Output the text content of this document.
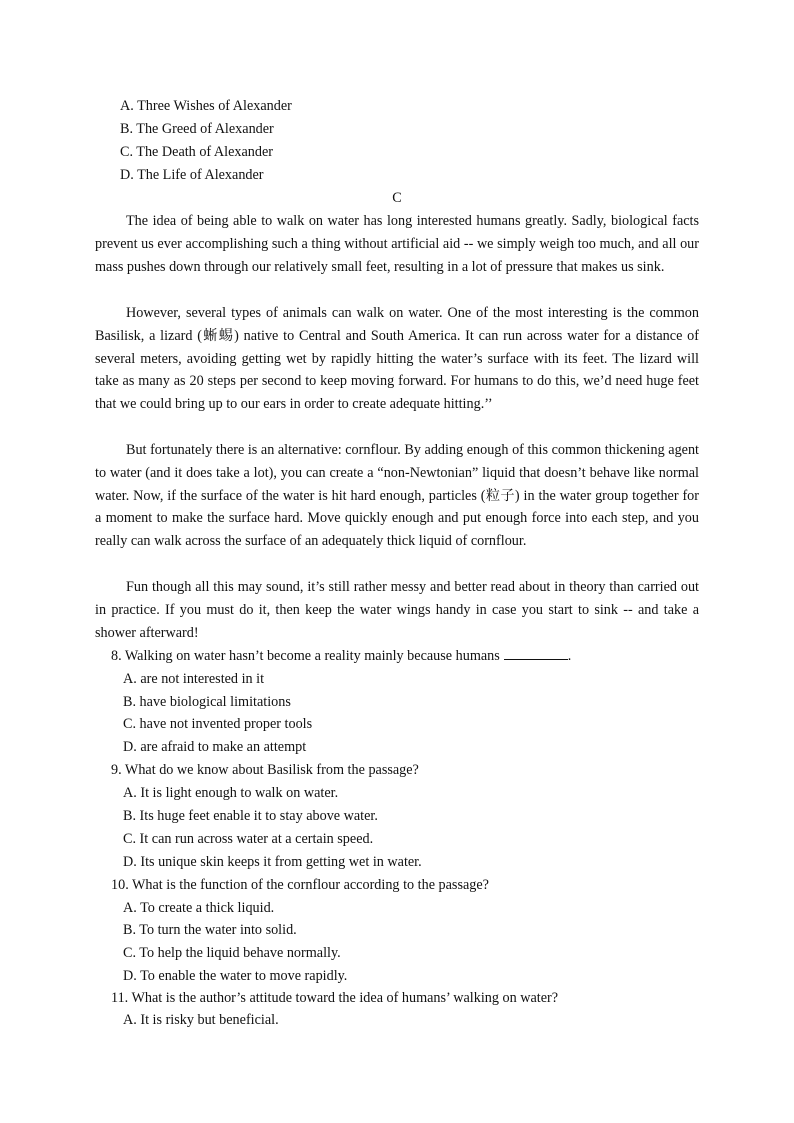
A. Three Wishes of Alexander
B. The Greed of Alexander
C. The Death of Alexander
D. The Life of Alexander
C

The idea of being able to walk on water has long interested humans greatly. Sadly, biological facts prevent us ever accomplishing such a thing without artificial aid -- we simply weigh too much, and all our mass pushes down through our relatively small feet, resulting in a lot of pressure that makes us sink.

However, several types of animals can walk on water. One of the most interesting is the common Basilisk, a lizard (蜥蜴) native to Central and South America. It can run across water for a distance of several meters, avoiding getting wet by rapidly hitting the water’s surface with its feet. The lizard will take as many as 20 steps per second to keep moving forward. For humans to do this, we’d need huge feet that we could bring up to our ears in order to create adequate hitting.’’

But fortunately there is an alternative: cornflour. By adding enough of this common thickening agent to water (and it does take a lot), you can create a “non-Newtonian” liquid that doesn’t behave like normal water. Now, if the surface of the water is hit hard enough, particles (粒子) in the water group together for a moment to make the surface hard. Move quickly enough and put enough force into each step, and you really can walk across the surface of an adequately thick liquid of cornflour.

Fun though all this may sound, it’s still rather messy and better read about in theory than carried out in practice. If you must do it, then keep the water wings handy in case you start to sink -- and take a shower afterward!

8. Walking on water hasn’t become a reality mainly because humans	.
A. are not interested in it
B. have biological limitations
C. have not invented proper tools
D. are afraid to make an attempt
9. What do we know about Basilisk from the passage?
A. It is light enough to walk on water.
B. Its huge feet enable it to stay above water.
C. It can run across water at a certain speed.
D. Its unique skin keeps it from getting wet in water.
10. What is the function of the cornflour according to the passage?
A. To create a thick liquid.
B. To turn the water into solid.
C. To help the liquid behave normally.
D. To enable the water to move rapidly.
11. What is the author’s attitude toward the idea of humans’ walking on water?
A. It is risky but beneficial.
